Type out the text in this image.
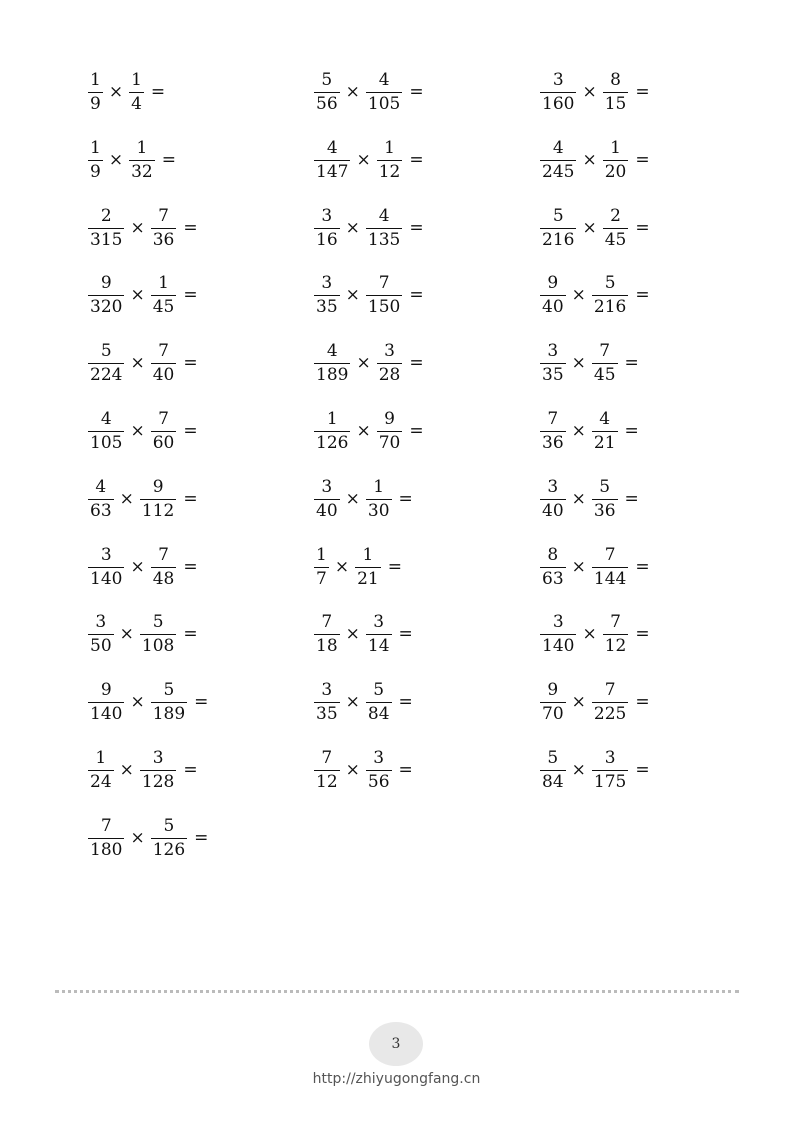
$\frac{1}{9} \times \frac{1}{4}$ =	$\frac{5}{56} \times \frac{4}{105}$ =	$\frac{3}{160} \times \frac{8}{15}$ =
$\frac{1}{9} \times \frac{1}{32}$ =	$\frac{4}{147} \times \frac{1}{12}$ =	$\frac{4}{245} \times \frac{1}{20}$ =
$\frac{2}{315} \times \frac{7}{36}$ =	$\frac{3}{16} \times \frac{4}{135}$ =	$\frac{5}{216} \times \frac{2}{45}$ =
$\frac{9}{320} \times \frac{1}{45}$ =	$\frac{3}{35} \times \frac{7}{150}$ =	$\frac{9}{40} \times \frac{5}{216}$ =
$\frac{5}{224} \times \frac{7}{40}$ =	$\frac{4}{189} \times \frac{3}{28}$ =	$\frac{3}{35} \times \frac{7}{45}$ =
$\frac{4}{105} \times \frac{7}{60}$ =	$\frac{1}{126} \times \frac{9}{70}$ =	$\frac{7}{36} \times \frac{4}{21}$ =
$\frac{4}{63} \times \frac{9}{112}$ =	$\frac{3}{40} \times \frac{1}{30}$ =	$\frac{3}{40} \times \frac{5}{36}$ =
$\frac{3}{140} \times \frac{7}{48}$ =	$\frac{1}{7} \times \frac{1}{21}$ =	$\frac{8}{63} \times \frac{7}{144}$ =
$\frac{3}{50} \times \frac{5}{108}$ =	$\frac{7}{18} \times \frac{3}{14}$ =	$\frac{3}{140} \times \frac{7}{12}$ =
$\frac{9}{140} \times \frac{5}{189}$ =	$\frac{3}{35} \times \frac{5}{84}$ =	$\frac{9}{70} \times \frac{7}{225}$ =
$\frac{1}{24} \times \frac{3}{128}$ =	$\frac{7}{12} \times \frac{3}{56}$ =	$\frac{5}{84} \times \frac{3}{175}$ =
$\frac{7}{180} \times \frac{5}{126}$ =
3
http://zhiyugongfang.cn
